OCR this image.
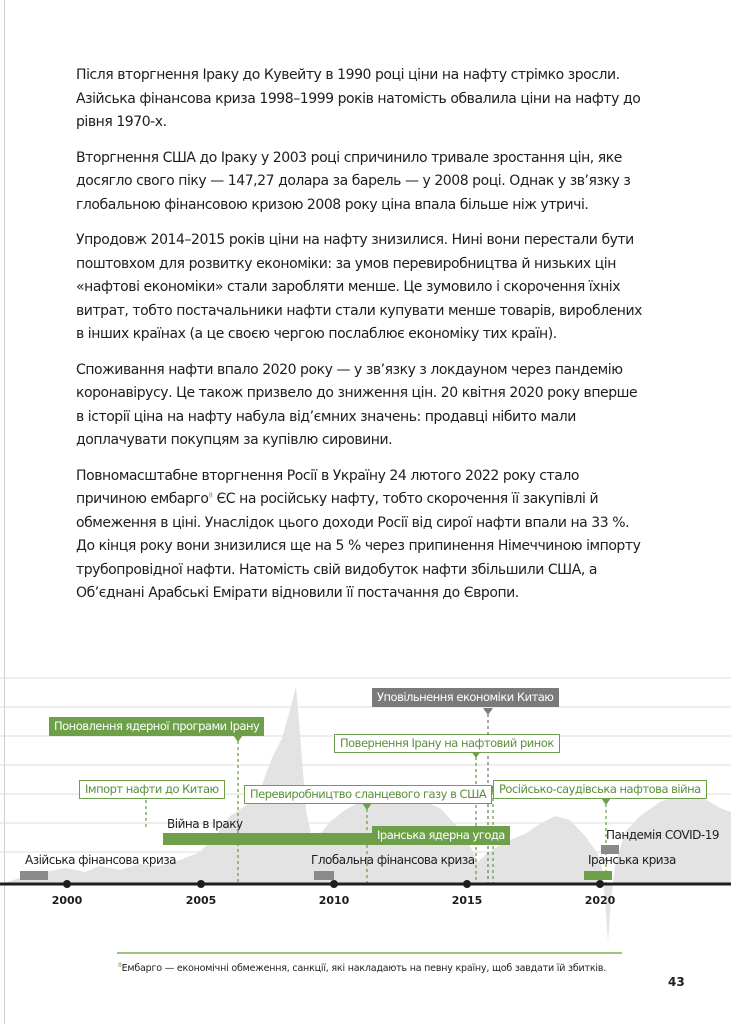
Після вторгнення Іраку до Кувейту в 1990 році ціни на нафту стрімко зросли. Азійська фінансова криза 1998–1999 років натомість обвалила ціни на нафту до рівня 1970-х.

Вторгнення США до Іраку у 2003 році спричинило тривале зростання цін, яке досягло свого піку — 147,27 долара за барель — у 2008 році. Однак у зв’язку з глобальною фінансовою кризою 2008 року ціна впала більше ніж утричі.

Упродовж 2014–2015 років ціни на нафту знизилися. Нині вони перестали бути поштовхом для розвитку економіки: за умов перевиробництва й низьких цін «нафтові економіки» стали заробляти менше. Це зумовило і скорочення їхніх витрат, тобто постачальники нафти стали купувати менше товарів, вироблених в інших країнах (а це своєю чергою послаблює економіку тих країн).

Споживання нафти впало 2020 року — у зв’язку з локдауном через пандемію коронавірусу. Це також призвело до зниження цін. 20 квітня 2020 року вперше в історії ціна на нафту набула від’ємних значень: продавці нібито мали доплачувати покупцям за купівлю сировини.

Повномасштабне вторгнення Росії в Україну 24 лютого 2022 року стало причиною ембарго$^8$ ЄС на російську нафту, тобто скорочення її закупівлі й обмеження в ціні. Унаслідок цього доходи Росії від сирої нафти впали на 33 %. До кінця року вони знизилися ще на 5 % через припинення Німеччиною імпорту трубопровідної нафти. Натомість свій видобуток нафти збільшили США, а Об’єднані Арабські Емірати відновили її постачання до Європи.

2000	2005	2010	2015	2020
Уповільнення економіки Китаю
Поновлення ядерної програми Ірану
Повернення Ірану на нафтовий ринок
Імпорт нафти до Китаю	Перевиробництво сланцевого газу в США	Російсько-саудівська нафтова війна
Війна в Іраку
Іранська ядерна угода	Пандемія COVID-19
Азійська фінансова криза	Глобальна фінансова криза	Іранська криза
$^8$Ембарго — економічні обмеження, санкції, які накладають на певну країну, щоб завдати їй збитків.
43
